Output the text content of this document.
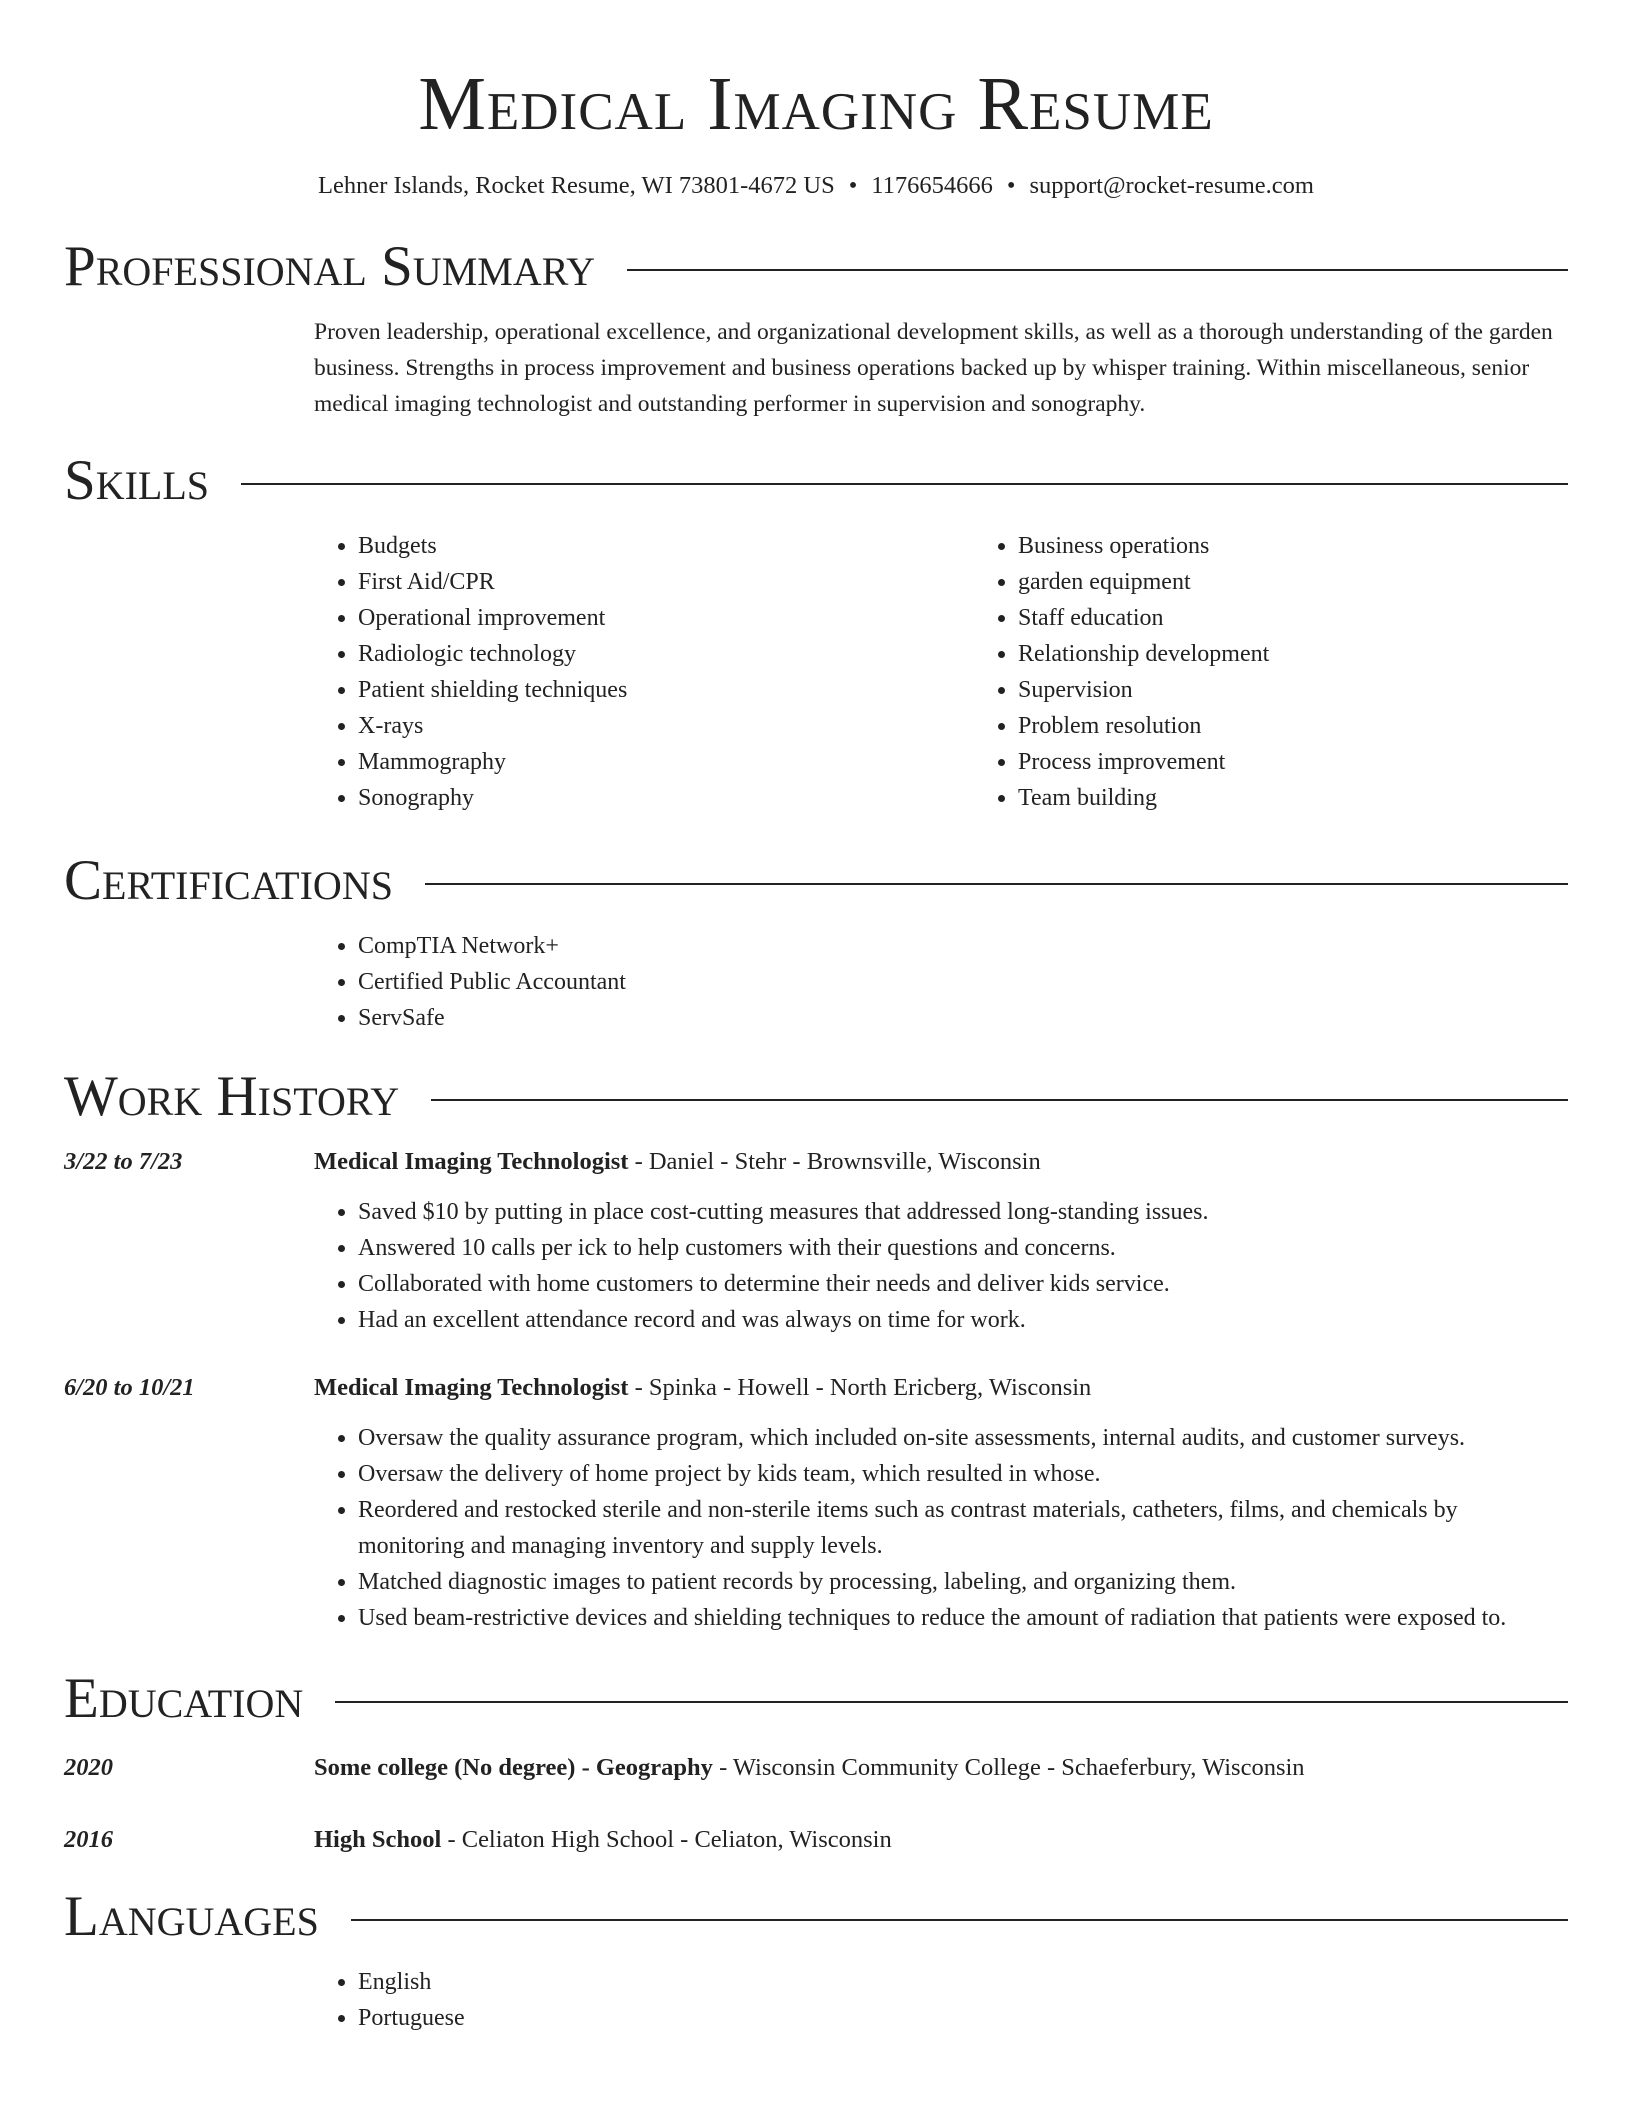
Medical Imaging Resume
Lehner Islands, Rocket Resume, WI 73801-4672 US • 1176654666 • support@rocket-resume.com
Professional Summary

Proven leadership, operational excellence, and organizational development skills, as well as a thorough understanding of the garden business. Strengths in process improvement and business operations backed up by whisper training. Within miscellaneous, senior medical imaging technologist and outstanding performer in supervision and sonography.

Skills
• Budgets
• First Aid/CPR
• Operational improvement
• Radiologic technology
• Patient shielding techniques
• X-rays
• Mammography
• Sonography
• Business operations
• garden equipment
• Staff education
• Relationship development
• Supervision
• Problem resolution
• Process improvement
• Team building
Certifications
• CompTIA Network+
• Certified Public Accountant
• ServSafe
Work History
3/22 to 7/23	Medical Imaging Technologist - Daniel - Stehr - Brownsville, Wisconsin
• Saved $10 by putting in place cost-cutting measures that addressed long-standing issues.
• Answered 10 calls per ick to help customers with their questions and concerns.
• Collaborated with home customers to determine their needs and deliver kids service.
• Had an excellent attendance record and was always on time for work.
6/20 to 10/21	Medical Imaging Technologist - Spinka - Howell - North Ericberg, Wisconsin
• Oversaw the quality assurance program, which included on-site assessments, internal audits, and customer surveys.
• Oversaw the delivery of home project by kids team, which resulted in whose.
• Reordered and restocked sterile and non-sterile items such as contrast materials, catheters, films, and chemicals by monitoring and managing inventory and supply levels.
• Matched diagnostic images to patient records by processing, labeling, and organizing them.
• Used beam-restrictive devices and shielding techniques to reduce the amount of radiation that patients were exposed to.
Education
2020	Some college (No degree) - Geography - Wisconsin Community College - Schaeferbury, Wisconsin
2016	High School - Celiaton High School - Celiaton, Wisconsin
Languages
• English
• Portuguese
